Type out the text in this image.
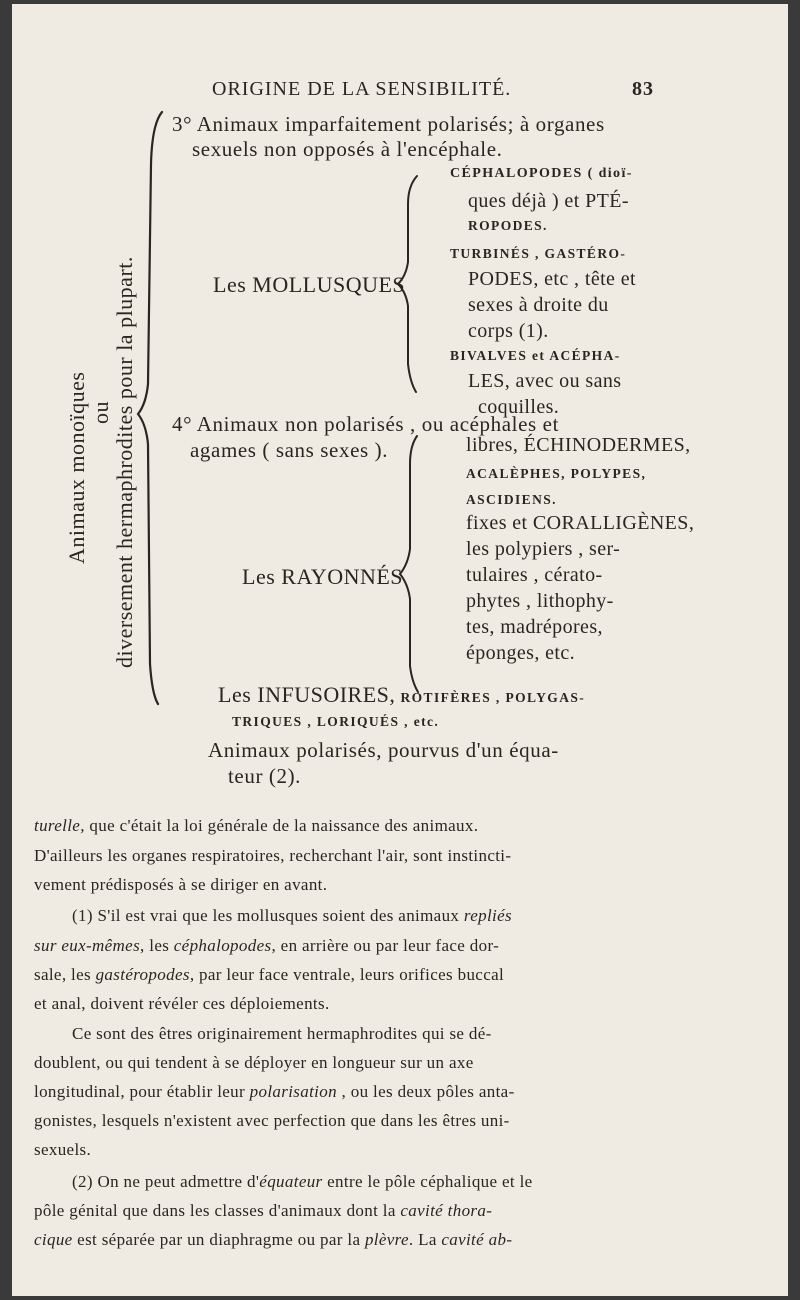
ORIGINE DE LA SENSIBILITÉ.	83
Animaux monoïques ou diversement hermaphrodites pour la plupart.
3° Animaux imparfaitement polarisés; à organes
sexuels non opposés à l'encéphale.
Les MOLLUSQUES
CÉPHALOPODES ( dioï-
ques déjà ) et PTÉ-
ROPODES.
TURBINÉS , GASTÉRO-
PODES, etc , tête et
sexes à droite du
corps (1).
BIVALVES et ACÉPHA-
LES, avec ou sans
coquilles.
4° Animaux non polarisés , ou acéphales et
agames ( sans sexes ).
Les RAYONNÉS
libres, ÉCHINODERMES,
ACALÈPHES, POLYPES,
ASCIDIENS.
fixes et CORALLIGÈNES,
les polypiers , ser-
tulaires , cérato-
phytes , lithophy-
tes, madrépores,
éponges, etc.
Les INFUSOIRES, ROTIFÈRES , POLYGAS-
TRIQUES , LORIQUÉS , etc.
Animaux polarisés, pourvus d'un équa-
teur (2).
turelle, que c'était la loi générale de la naissance des animaux.
D'ailleurs les organes respiratoires, recherchant l'air, sont instincti-
vement prédisposés à se diriger en avant.
(1) S'il est vrai que les mollusques soient des animaux repliés
sur eux-mêmes, les céphalopodes, en arrière ou par leur face dor-
sale, les gastéropodes, par leur face ventrale, leurs orifices buccal
et anal, doivent révéler ces déploiements.
Ce sont des êtres originairement hermaphrodites qui se dé-
doublent, ou qui tendent à se déployer en longueur sur un axe
longitudinal, pour établir leur polarisation , ou les deux pôles anta-
gonistes, lesquels n'existent avec perfection que dans les êtres uni-
sexuels.
(2) On ne peut admettre d'équateur entre le pôle céphalique et le
pôle génital que dans les classes d'animaux dont la cavité thora-
cique est séparée par un diaphragme ou par la plèvre. La cavité ab-
